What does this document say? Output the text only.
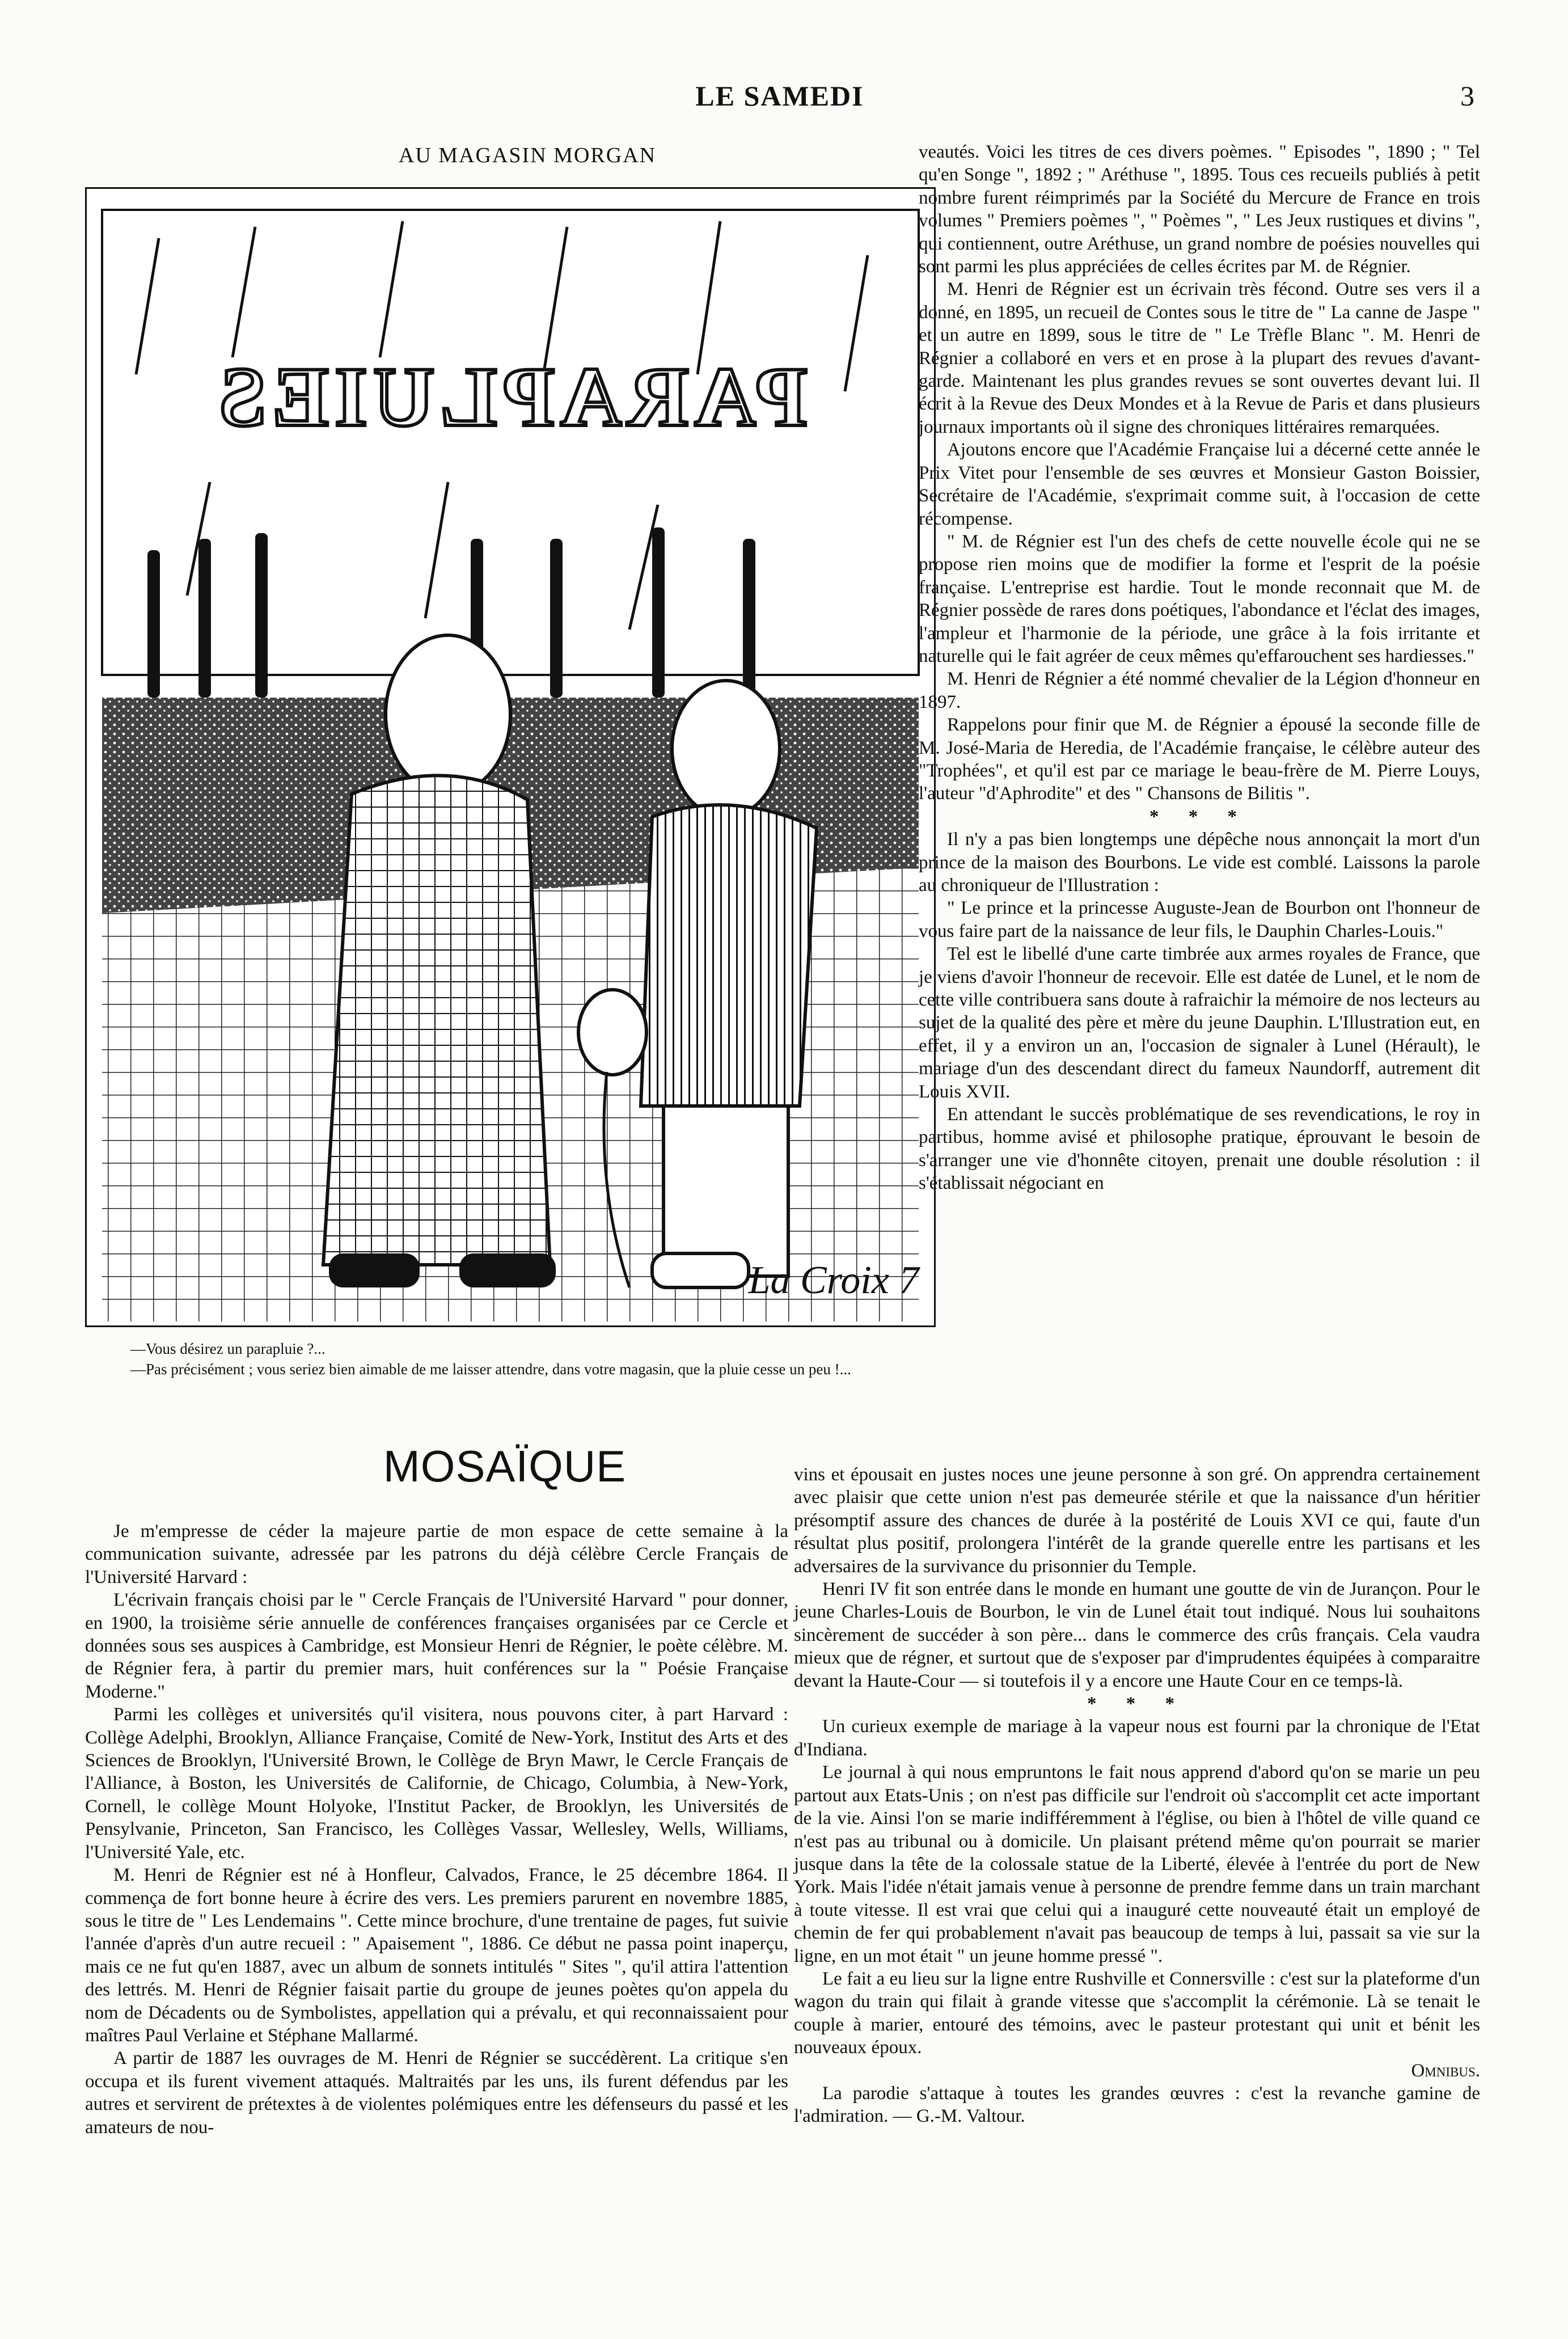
LE SAMEDI	3
AU MAGASIN MORGAN
PARAPLUIES
La Croix 7

—Vous désirez un parapluie ?...

—Pas précisément ; vous seriez bien aimable de me laisser attendre, dans votre magasin, que la pluie cesse un peu !...

MOSAÏQUE

Je m'empresse de céder la majeure partie de mon espace de cette semaine à la communication suivante, adressée par les patrons du déjà célèbre Cercle Français de l'Université Harvard :

L'écrivain français choisi par le " Cercle Français de l'Université Harvard " pour donner, en 1900, la troisième série annuelle de conférences françaises organisées par ce Cercle et données sous ses auspices à Cambridge, est Monsieur Henri de Régnier, le poète célèbre. M. de Régnier fera, à partir du premier mars, huit conférences sur la " Poésie Française Moderne."

Parmi les collèges et universités qu'il visitera, nous pouvons citer, à part Harvard : Collège Adelphi, Brooklyn, Alliance Française, Comité de New-York, Institut des Arts et des Sciences de Brooklyn, l'Université Brown, le Collège de Bryn Mawr, le Cercle Français de l'Alliance, à Boston, les Universités de Californie, de Chicago, Columbia, à New-York, Cornell, le collège Mount Holyoke, l'Institut Packer, de Brooklyn, les Universités de Pensylvanie, Princeton, San Francisco, les Collèges Vassar, Wellesley, Wells, Williams, l'Université Yale, etc.

M. Henri de Régnier est né à Honfleur, Calvados, France, le 25 décembre 1864. Il commença de fort bonne heure à écrire des vers. Les premiers parurent en novembre 1885, sous le titre de " Les Lendemains ". Cette mince brochure, d'une trentaine de pages, fut suivie l'année d'après d'un autre recueil : " Apaisement ", 1886. Ce début ne passa point inaperçu, mais ce ne fut qu'en 1887, avec un album de sonnets intitulés " Sites ", qu'il attira l'attention des lettrés. M. Henri de Régnier faisait partie du groupe de jeunes poètes qu'on appela du nom de Décadents ou de Symbolistes, appellation qui a prévalu, et qui reconnaissaient pour maîtres Paul Verlaine et Stéphane Mallarmé.

A partir de 1887 les ouvrages de M. Henri de Régnier se succédèrent. La critique s'en occupa et ils furent vivement attaqués. Maltraités par les uns, ils furent défendus par les autres et servirent de prétextes à de violentes polémiques entre les défenseurs du passé et les amateurs de nou-

veautés. Voici les titres de ces divers poèmes. " Episodes ", 1890 ; " Tel qu'en Songe ", 1892 ; " Aréthuse ", 1895. Tous ces recueils publiés à petit nombre furent réimprimés par la Société du Mercure de France en trois volumes " Premiers poèmes ", " Poèmes ", " Les Jeux rustiques et divins ", qui contiennent, outre Aréthuse, un grand nombre de poésies nouvelles qui sont parmi les plus appréciées de celles écrites par M. de Régnier.

M. Henri de Régnier est un écrivain très fécond. Outre ses vers il a donné, en 1895, un recueil de Contes sous le titre de " La canne de Jaspe " et un autre en 1899, sous le titre de " Le Trèfle Blanc ". M. Henri de Régnier a collaboré en vers et en prose à la plupart des revues d'avant-garde. Maintenant les plus grandes revues se sont ouvertes devant lui. Il écrit à la Revue des Deux Mondes et à la Revue de Paris et dans plusieurs journaux importants où il signe des chroniques littéraires remarquées.

Ajoutons encore que l'Académie Française lui a décerné cette année le Prix Vitet pour l'ensemble de ses œuvres et Monsieur Gaston Boissier, Secrétaire de l'Académie, s'exprimait comme suit, à l'occasion de cette récompense.

" M. de Régnier est l'un des chefs de cette nouvelle école qui ne se propose rien moins que de modifier la forme et l'esprit de la poésie française. L'entreprise est hardie. Tout le monde reconnait que M. de Régnier possède de rares dons poétiques, l'abondance et l'éclat des images, l'ampleur et l'harmonie de la période, une grâce à la fois irritante et naturelle qui le fait agréer de ceux mêmes qu'effarouchent ses hardiesses."

M. Henri de Régnier a été nommé chevalier de la Légion d'honneur en 1897.

Rappelons pour finir que M. de Régnier a épousé la seconde fille de M. José-Maria de Heredia, de l'Académie française, le célèbre auteur des "Trophées", et qu'il est par ce mariage le beau-frère de M. Pierre Louys, l'auteur "d'Aphrodite" et des " Chansons de Bilitis ".

* * *

Il n'y a pas bien longtemps une dépêche nous annonçait la mort d'un prince de la maison des Bourbons. Le vide est comblé. Laissons la parole au chroniqueur de l'Illustration :

" Le prince et la princesse Auguste-Jean de Bourbon ont l'honneur de vous faire part de la naissance de leur fils, le Dauphin Charles-Louis."

Tel est le libellé d'une carte timbrée aux armes royales de France, que je viens d'avoir l'honneur de recevoir. Elle est datée de Lunel, et le nom de cette ville contribuera sans doute à rafraichir la mémoire de nos lecteurs au sujet de la qualité des père et mère du jeune Dauphin. L'Illustration eut, en effet, il y a environ un an, l'occasion de signaler à Lunel (Hérault), le mariage d'un des descendant direct du fameux Naundorff, autrement dit Louis XVII.

En attendant le succès problématique de ses revendications, le roy in partibus, homme avisé et philosophe pratique, éprouvant le besoin de s'arranger une vie d'honnête citoyen, prenait une double résolution : il s'établissait négociant en

vins et épousait en justes noces une jeune personne à son gré. On apprendra certainement avec plaisir que cette union n'est pas demeurée stérile et que la naissance d'un héritier présomptif assure des chances de durée à la postérité de Louis XVI ce qui, faute d'un résultat plus positif, prolongera l'intérêt de la grande querelle entre les partisans et les adversaires de la survivance du prisonnier du Temple.

Henri IV fit son entrée dans le monde en humant une goutte de vin de Jurançon. Pour le jeune Charles-Louis de Bourbon, le vin de Lunel était tout indiqué. Nous lui souhaitons sincèrement de succéder à son père... dans le commerce des crûs français. Cela vaudra mieux que de régner, et surtout que de s'exposer par d'imprudentes équipées à comparaitre devant la Haute-Cour — si toutefois il y a encore une Haute Cour en ce temps-là.

* * *

Un curieux exemple de mariage à la vapeur nous est fourni par la chronique de l'Etat d'Indiana.

Le journal à qui nous empruntons le fait nous apprend d'abord qu'on se marie un peu partout aux Etats-Unis ; on n'est pas difficile sur l'endroit où s'accomplit cet acte important de la vie. Ainsi l'on se marie indifféremment à l'église, ou bien à l'hôtel de ville quand ce n'est pas au tribunal ou à domicile. Un plaisant prétend même qu'on pourrait se marier jusque dans la tête de la colossale statue de la Liberté, élevée à l'entrée du port de New York. Mais l'idée n'était jamais venue à personne de prendre femme dans un train marchant à toute vitesse. Il est vrai que celui qui a inauguré cette nouveauté était un employé de chemin de fer qui probablement n'avait pas beaucoup de temps à lui, passait sa vie sur la ligne, en un mot était " un jeune homme pressé ".

Le fait a eu lieu sur la ligne entre Rushville et Connersville : c'est sur la plateforme d'un wagon du train qui filait à grande vitesse que s'accomplit la cérémonie. Là se tenait le couple à marier, entouré des témoins, avec le pasteur protestant qui unit et bénit les nouveaux époux.

Omnibus.

La parodie s'attaque à toutes les grandes œuvres : c'est la revanche gamine de l'admiration. — G.-M. Valtour.
